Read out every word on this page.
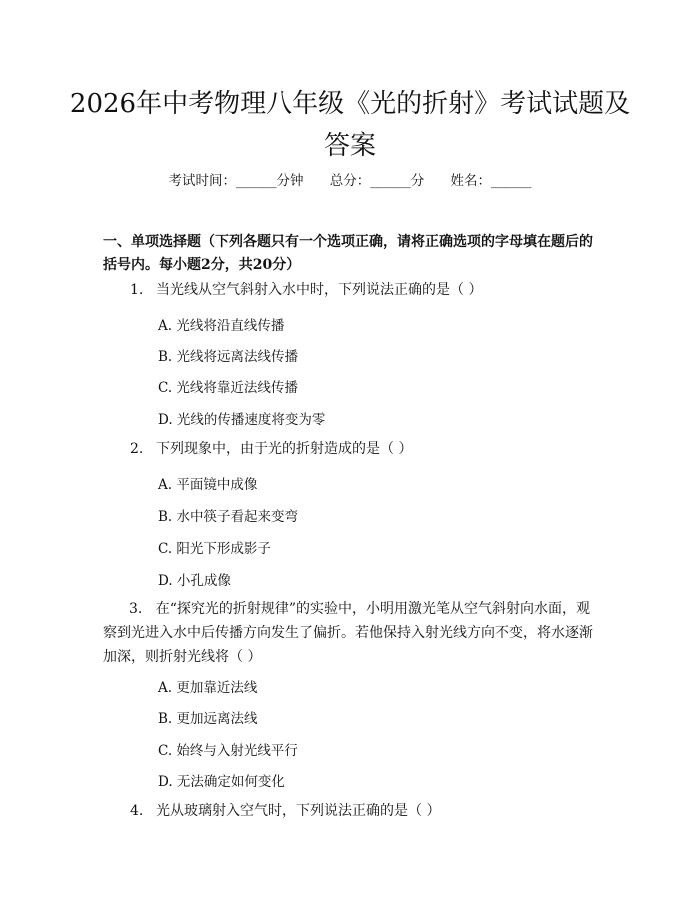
2026年中考物理八年级《光的折射》考试试题及答案
考试时间：______分钟 总分：______分 姓名：______
一、单项选择题（下列各题只有一个选项正确，请将正确选项的字母填在题后的括号内。每小题2分，共20分）
1. 当光线从空气斜射入水中时，下列说法正确的是（ ）
A. 光线将沿直线传播
B. 光线将远离法线传播
C. 光线将靠近法线传播
D. 光线的传播速度将变为零
2. 下列现象中，由于光的折射造成的是（ ）
A. 平面镜中成像
B. 水中筷子看起来变弯
C. 阳光下形成影子
D. 小孔成像
3. 在“探究光的折射规律”的实验中，小明用激光笔从空气斜射向水面，观察到光进入水中后传播方向发生了偏折。若他保持入射光线方向不变，将水逐渐加深，则折射光线将（ ）
A. 更加靠近法线
B. 更加远离法线
C. 始终与入射光线平行
D. 无法确定如何变化
4. 光从玻璃射入空气时，下列说法正确的是（ ）
